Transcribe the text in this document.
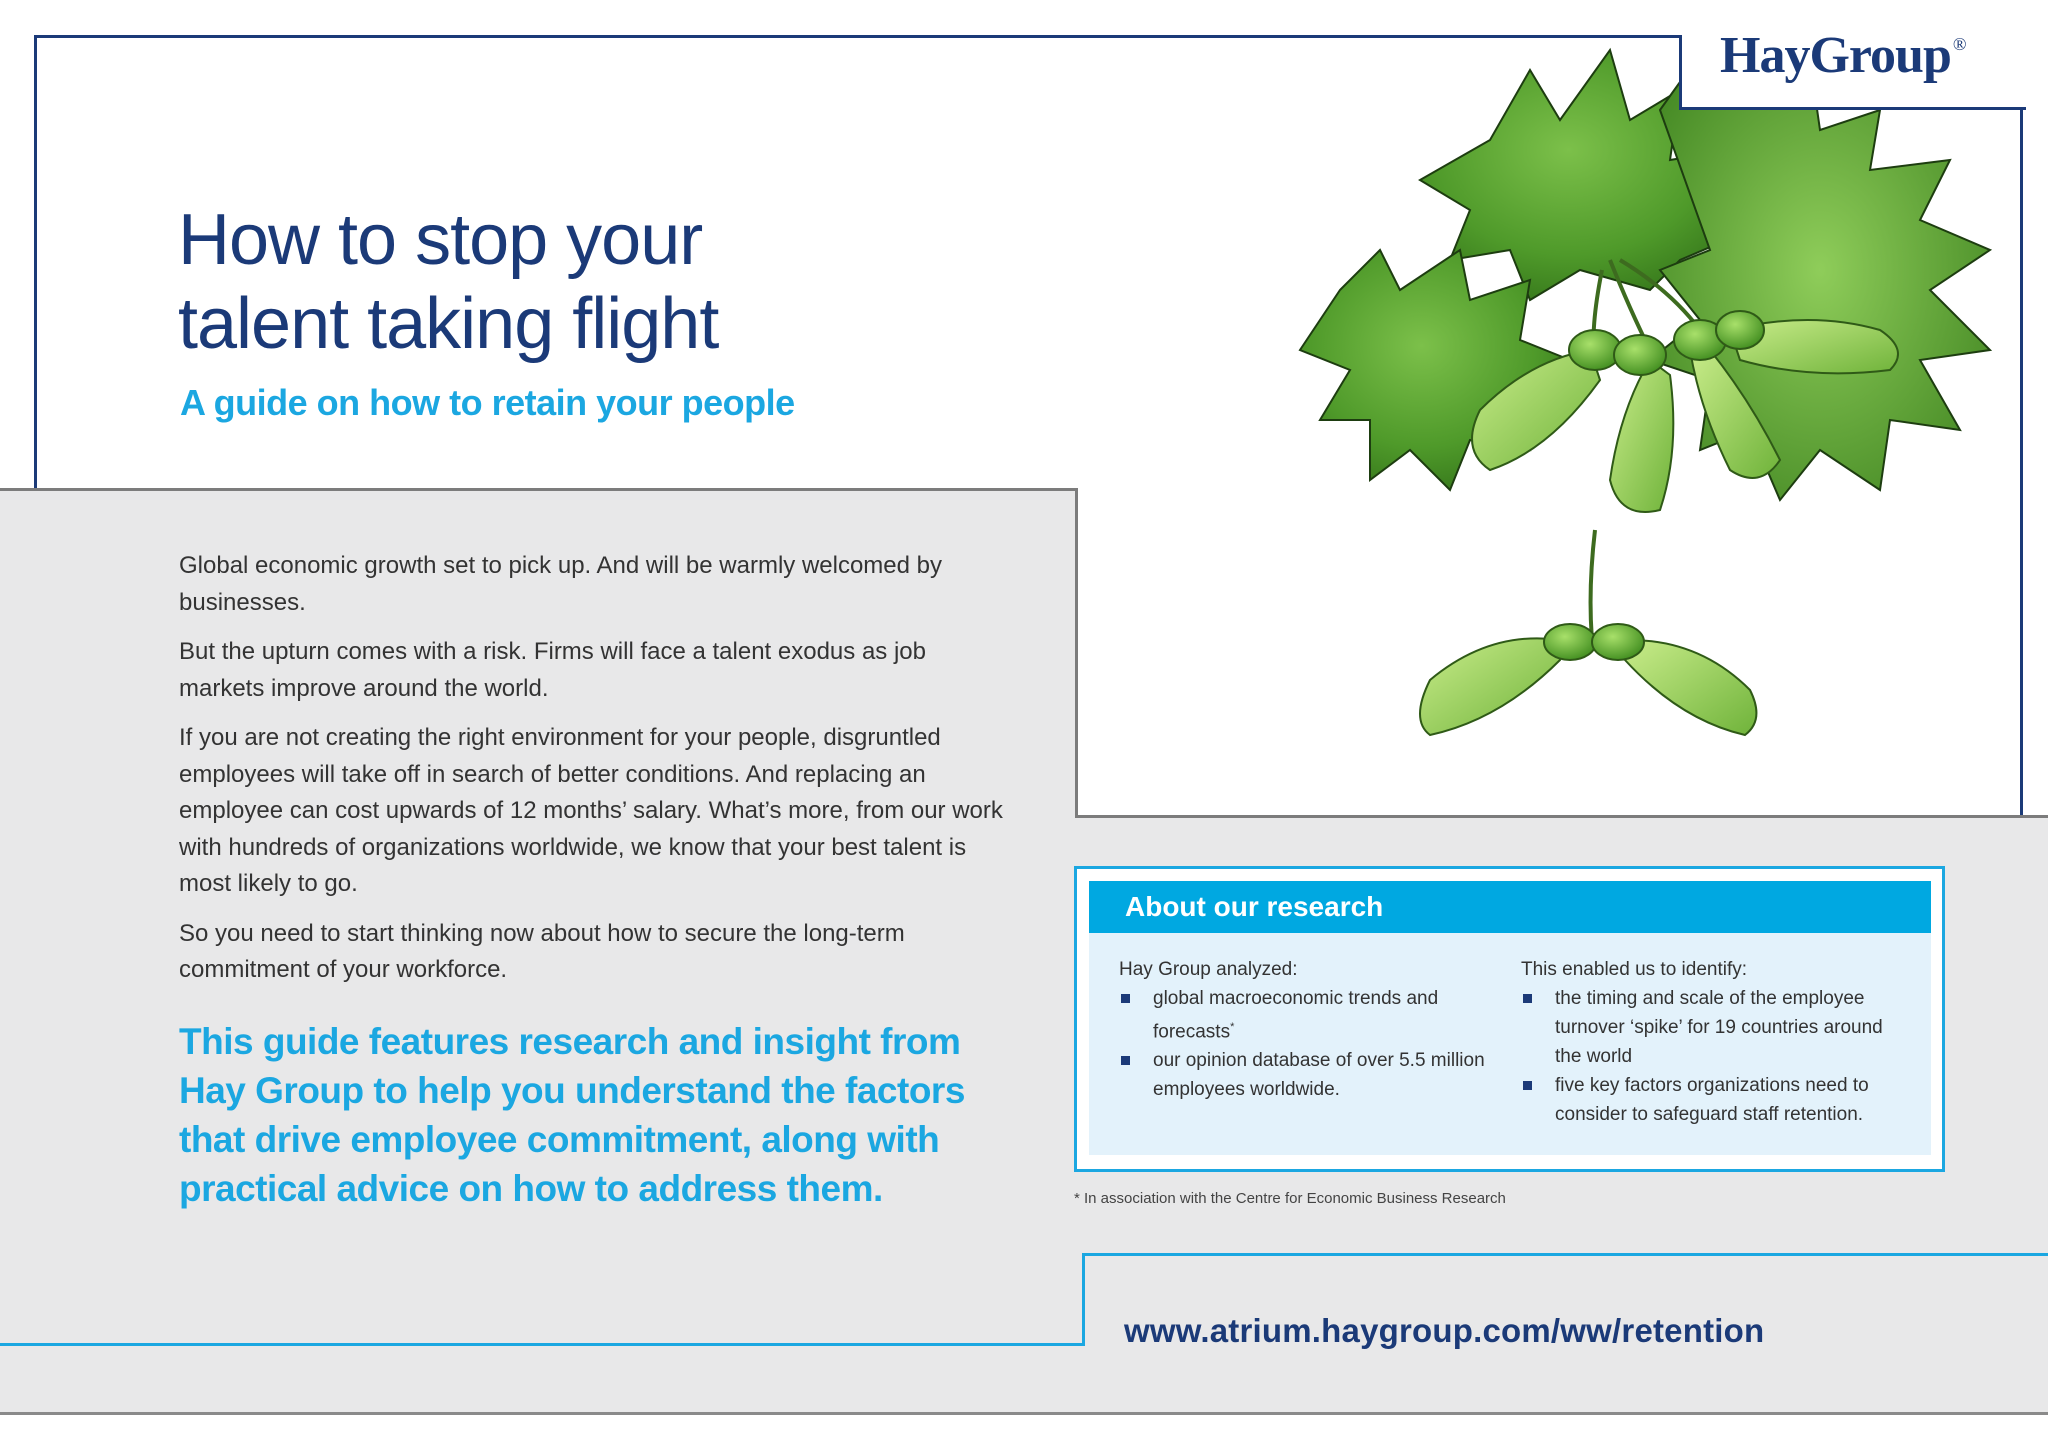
HayGroup ®
How to stop your
talent taking flight
A guide on how to retain your people

Global economic growth set to pick up. And will be warmly welcomed by businesses.

But the upturn comes with a risk. Firms will face a talent exodus as job markets improve around the world.

If you are not creating the right environment for your people, disgruntled employees will take off in search of better conditions. And replacing an employee can cost upwards of 12 months’ salary. What’s more, from our work with hundreds of organizations worldwide, we know that your best talent is most likely to go.

So you need to start thinking now about how to secure the long-term commitment of your workforce.

This guide features research and insight from Hay Group to help you understand the factors that drive employee commitment, along with practical advice on how to address them.

About our research
Hay Group analyzed:
global macroeconomic trends and forecasts*
our opinion database of over 5.5 million employees worldwide.
This enabled us to identify:
the timing and scale of the employee turnover ‘spike’ for 19 countries around the world
five key factors organizations need to consider to safeguard staff retention.
* In association with the Centre for Economic Business Research
www.atrium.haygroup.com/ww/retention
